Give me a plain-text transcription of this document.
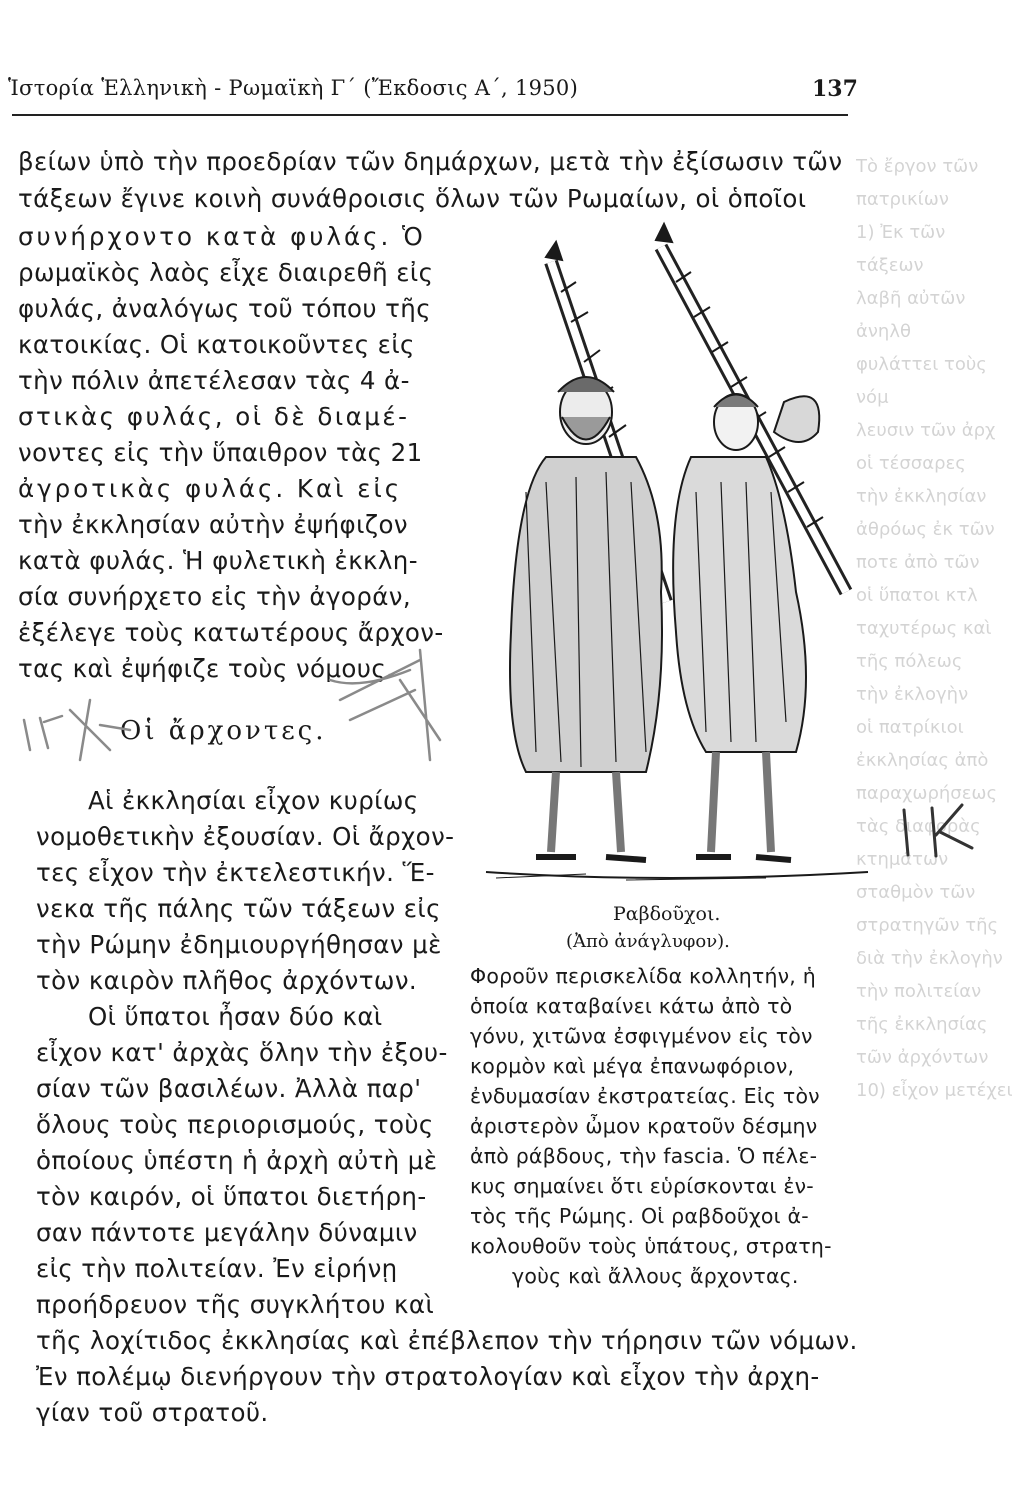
Τὸ ἔργον τῶν πατρικίων
1) Ἐκ τῶν τάξεων
λαβῆ αὐτῶν ἀνηλθ
φυλάττει τοὺς νόμ
λευσιν τῶν ἀρχ
οἱ τέσσαρες
τὴν ἐκκλησίαν
ἀθρόως ἐκ τῶν
ποτε ἀπὸ τῶν
οἱ ὕπατοι κτλ
ταχυτέρως καὶ
τῆς πόλεως
τὴν ἐκλογὴν
οἱ πατρίκιοι
ἐκκλησίας ἀπὸ
παραχωρήσεως
τὰς διαφορὰς
κτημάτων
σταθμὸν τῶν
στρατηγῶν τῆς
διὰ τὴν ἐκλογὴν
τὴν πολιτείαν
τῆς ἐκκλησίας
τῶν ἀρχόντων
10) εἶχον μετέχει
Ἱστορία Ἑλληνικὴ - Ρωμαϊκὴ Γ΄ (Ἔκδοσις Α΄, 1950)	137
βείων ὑπὸ τὴν προεδρίαν τῶν δημάρχων, μετὰ τὴν ἐξίσωσιν τῶν
τάξεων ἔγινε κοινὴ συνάθροισις ὅλων τῶν Ρωμαίων, οἱ ὁποῖοι
συνήρχοντο κατὰ φυλάς. Ὁ
ρωμαϊκὸς λαὸς εἶχε διαιρεθῆ εἰς
φυλάς, ἀναλόγως τοῦ τόπου τῆς
κατοικίας. Οἱ κατοικοῦντες εἰς
τὴν πόλιν ἀπετέλεσαν τὰς 4 ἀ-
στικὰς φυλάς, οἱ δὲ διαμέ-
νοντες εἰς τὴν ὕπαιθρον τὰς 21
ἀγροτικὰς φυλάς. Καὶ εἰς
τὴν ἐκκλησίαν αὐτὴν ἐψήφιζον
κατὰ φυλάς. Ἡ φυλετικὴ ἐκκλη-
σία συνήρχετο εἰς τὴν ἀγοράν,
ἐξέλεγε τοὺς κατωτέρους ἄρχον-
τας καὶ ἐψήφιζε τοὺς νόμους.
Οἱ ἄρχοντες.
Αἱ ἐκκλησίαι εἶχον κυρίως
νομοθετικὴν ἐξουσίαν. Οἱ ἄρχον-
τες εἶχον τὴν ἐκτελεστικήν. Ἕ-
νεκα τῆς πάλης τῶν τάξεων εἰς
τὴν Ρώμην ἐδημιουργήθησαν μὲ
τὸν καιρὸν πλῆθος ἀρχόντων.
Οἱ ὕπατοι ἦσαν δύο καὶ
εἶχον κατ' ἀρχὰς ὅλην τὴν ἐξου-
σίαν τῶν βασιλέων. Ἀλλὰ παρ'
ὅλους τοὺς περιορισμούς, τοὺς
ὁποίους ὑπέστη ἡ ἀρχὴ αὐτὴ μὲ
τὸν καιρόν, οἱ ὕπατοι διετήρη-
σαν πάντοτε μεγάλην δύναμιν
εἰς τὴν πολιτείαν. Ἐν εἰρήνῃ
προήδρευον τῆς συγκλήτου καὶ
τῆς λοχίτιδος ἐκκλησίας καὶ ἐπέβλεπον τὴν τήρησιν τῶν νόμων.
Ἐν πολέμῳ διενήργουν τὴν στρατολογίαν καὶ εἶχον τὴν ἀρχη-
γίαν τοῦ στρατοῦ.
Ραβδοῦχοι.
(Ἀπὸ ἀνάγλυφον).
Φοροῦν περισκελίδα κολλητήν, ἡ
ὁποία καταβαίνει κάτω ἀπὸ τὸ
γόνυ, χιτῶνα ἐσφιγμένον εἰς τὸν
κορμὸν καὶ μέγα ἐπανωφόριον,
ἐνδυμασίαν ἐκστρατείας. Εἰς τὸν
ἀριστερὸν ὦμον κρατοῦν δέσμην
ἀπὸ ράβδους, τὴν fascia. Ὁ πέλε-
κυς σημαίνει ὅτι εὑρίσκονται ἐν-
τὸς τῆς Ρώμης. Οἱ ραβδοῦχοι ἀ-
κολουθοῦν τοὺς ὑπάτους, στρατη-
γοὺς καὶ ἄλλους ἄρχοντας.
